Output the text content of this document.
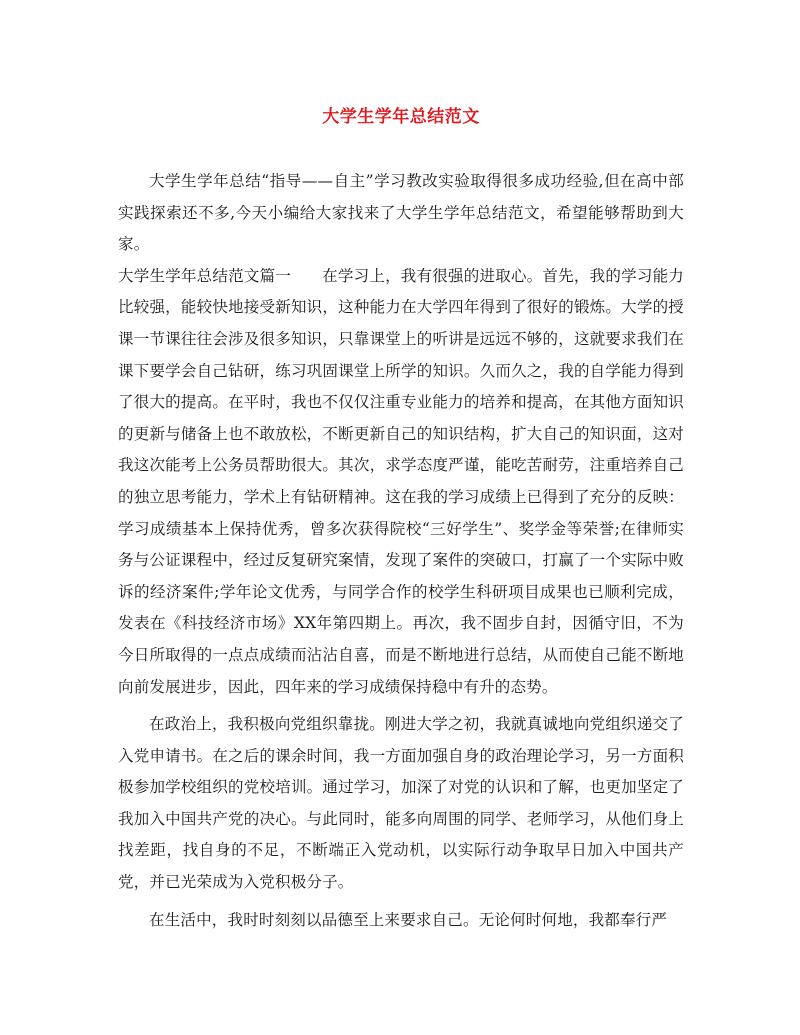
大学生学年总结范文

大学生学年总结“指导——自主”学习教改实验取得很多成功经验,但在高中部实践探索还不多,今天小编给大家找来了大学生学年总结范文，希望能够帮助到大家。

大学生学年总结范文篇一 在学习上，我有很强的进取心。首先，我的学习能力比较强，能较快地接受新知识，这种能力在大学四年得到了很好的锻炼。大学的授课一节课往往会涉及很多知识，只靠课堂上的听讲是远远不够的，这就要求我们在课下要学会自己钻研，练习巩固课堂上所学的知识。久而久之，我的自学能力得到了很大的提高。在平时，我也不仅仅注重专业能力的培养和提高，在其他方面知识的更新与储备上也不敢放松，不断更新自己的知识结构，扩大自己的知识面，这对我这次能考上公务员帮助很大。其次，求学态度严谨，能吃苦耐劳，注重培养自己的独立思考能力，学术上有钻研精神。这在我的学习成绩上已得到了充分的反映：学习成绩基本上保持优秀，曾多次获得院校“三好学生”、奖学金等荣誉;在律师实务与公证课程中，经过反复研究案情，发现了案件的突破口，打赢了一个实际中败诉的经济案件;学年论文优秀，与同学合作的校学生科研项目成果也已顺利完成，发表在《科技经济市场》XX年第四期上。再次，我不固步自封，因循守旧，不为今日所取得的一点点成绩而沾沾自喜，而是不断地进行总结，从而使自己能不断地向前发展进步，因此，四年来的学习成绩保持稳中有升的态势。

在政治上，我积极向党组织靠拢。刚进大学之初，我就真诚地向党组织递交了入党申请书。在之后的课余时间，我一方面加强自身的政治理论学习，另一方面积极参加学校组织的党校培训。通过学习，加深了对党的认识和了解，也更加坚定了我加入中国共产党的决心。与此同时，能多向周围的同学、老师学习，从他们身上找差距，找自身的不足，不断端正入党动机，以实际行动争取早日加入中国共产党，并已光荣成为入党积极分子。

在生活中，我时时刻刻以品德至上来要求自己。无论何时何地，我都奉行严
